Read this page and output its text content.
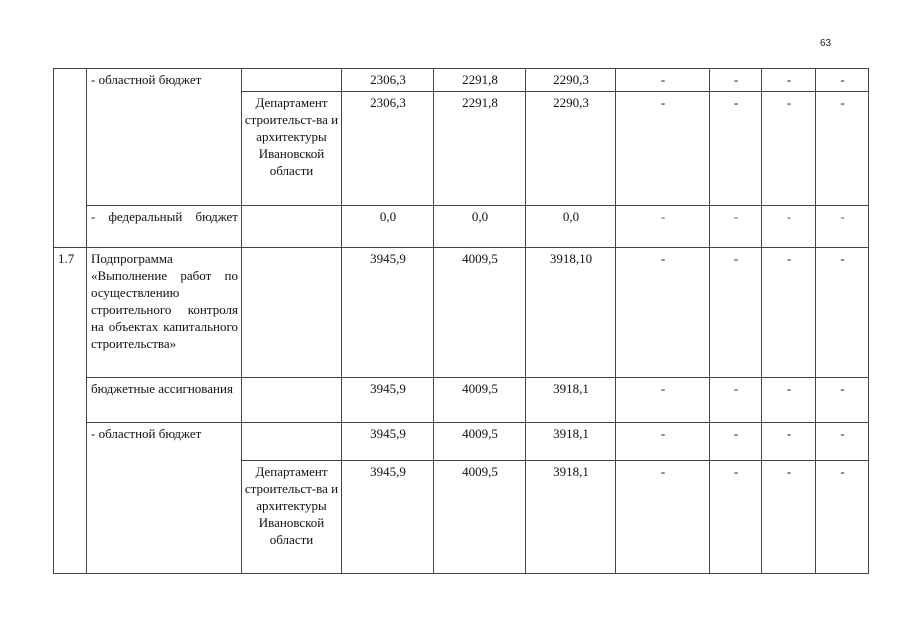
63
	- областной бюджет		2306,3	2291,8	2290,3	-	-	-	-
		Департамент строительст-ва и архитектуры Ивановской области	2306,3	2291,8	2290,3	-	-	-	-
	- федеральный бюджет		0,0	0,0	0,0	-	-	-	-
1.7	Подпрограмма «Выполнение работ по осуществлению строительного контроля на объектах капитального строительства»		3945,9	4009,5	3918,10	-	-	-	-
	бюджетные ассигнования		3945,9	4009,5	3918,1	-	-	-	-
	- областной бюджет		3945,9	4009,5	3918,1	-	-	-	-
		Департамент строительст-ва и архитектуры Ивановской области	3945,9	4009,5	3918,1	-	-	-	-
